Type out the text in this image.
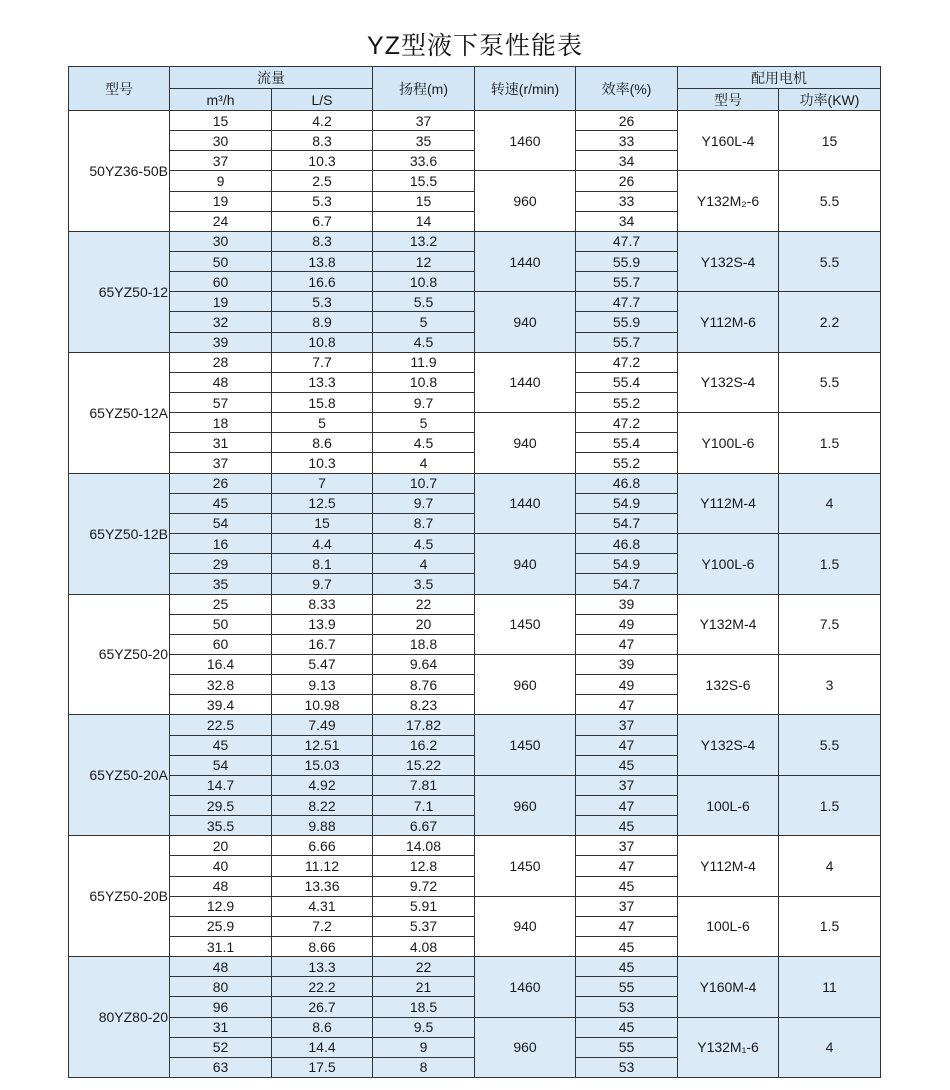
YZ型液下泵性能表
型号	流量		扬程(m)	转速(r/min)	效率(%)	配用电机	
	m³/h	L/S				型号	功率(KW)
50YZ36-50B	15	4.2	37	1460	26	Y160L-4	15
	30	8.3	35		33		
	37	10.3	33.6		34		
	9	2.5	15.5	960	26	Y132M₂-6	5.5
	19	5.3	15		33		
	24	6.7	14		34		
65YZ50-12	30	8.3	13.2	1440	47.7	Y132S-4	5.5
	50	13.8	12		55.9		
	60	16.6	10.8		55.7		
	19	5.3	5.5	940	47.7	Y112M-6	2.2
	32	8.9	5		55.9		
	39	10.8	4.5		55.7		
65YZ50-12A	28	7.7	11.9	1440	47.2	Y132S-4	5.5
	48	13.3	10.8		55.4		
	57	15.8	9.7		55.2		
	18	5	5	940	47.2	Y100L-6	1.5
	31	8.6	4.5		55.4		
	37	10.3	4		55.2		
65YZ50-12B	26	7	10.7	1440	46.8	Y112M-4	4
	45	12.5	9.7		54.9		
	54	15	8.7		54.7		
	16	4.4	4.5	940	46.8	Y100L-6	1.5
	29	8.1	4		54.9		
	35	9.7	3.5		54.7		
65YZ50-20	25	8.33	22	1450	39	Y132M-4	7.5
	50	13.9	20		49		
	60	16.7	18.8		47		
	16.4	5.47	9.64	960	39	132S-6	3
	32.8	9.13	8.76		49		
	39.4	10.98	8.23		47		
65YZ50-20A	22.5	7.49	17.82	1450	37	Y132S-4	5.5
	45	12.51	16.2		47		
	54	15.03	15.22		45		
	14.7	4.92	7.81	960	37	100L-6	1.5
	29.5	8.22	7.1		47		
	35.5	9.88	6.67		45		
65YZ50-20B	20	6.66	14.08	1450	37	Y112M-4	4
	40	11.12	12.8		47		
	48	13.36	9.72		45		
	12.9	4.31	5.91	940	37	100L-6	1.5
	25.9	7.2	5.37		47		
	31.1	8.66	4.08		45		
80YZ80-20	48	13.3	22	1460	45	Y160M-4	11
	80	22.2	21		55		
	96	26.7	18.5		53		
	31	8.6	9.5	960	45	Y132M₁-6	4
	52	14.4	9		55		
	63	17.5	8		53		
